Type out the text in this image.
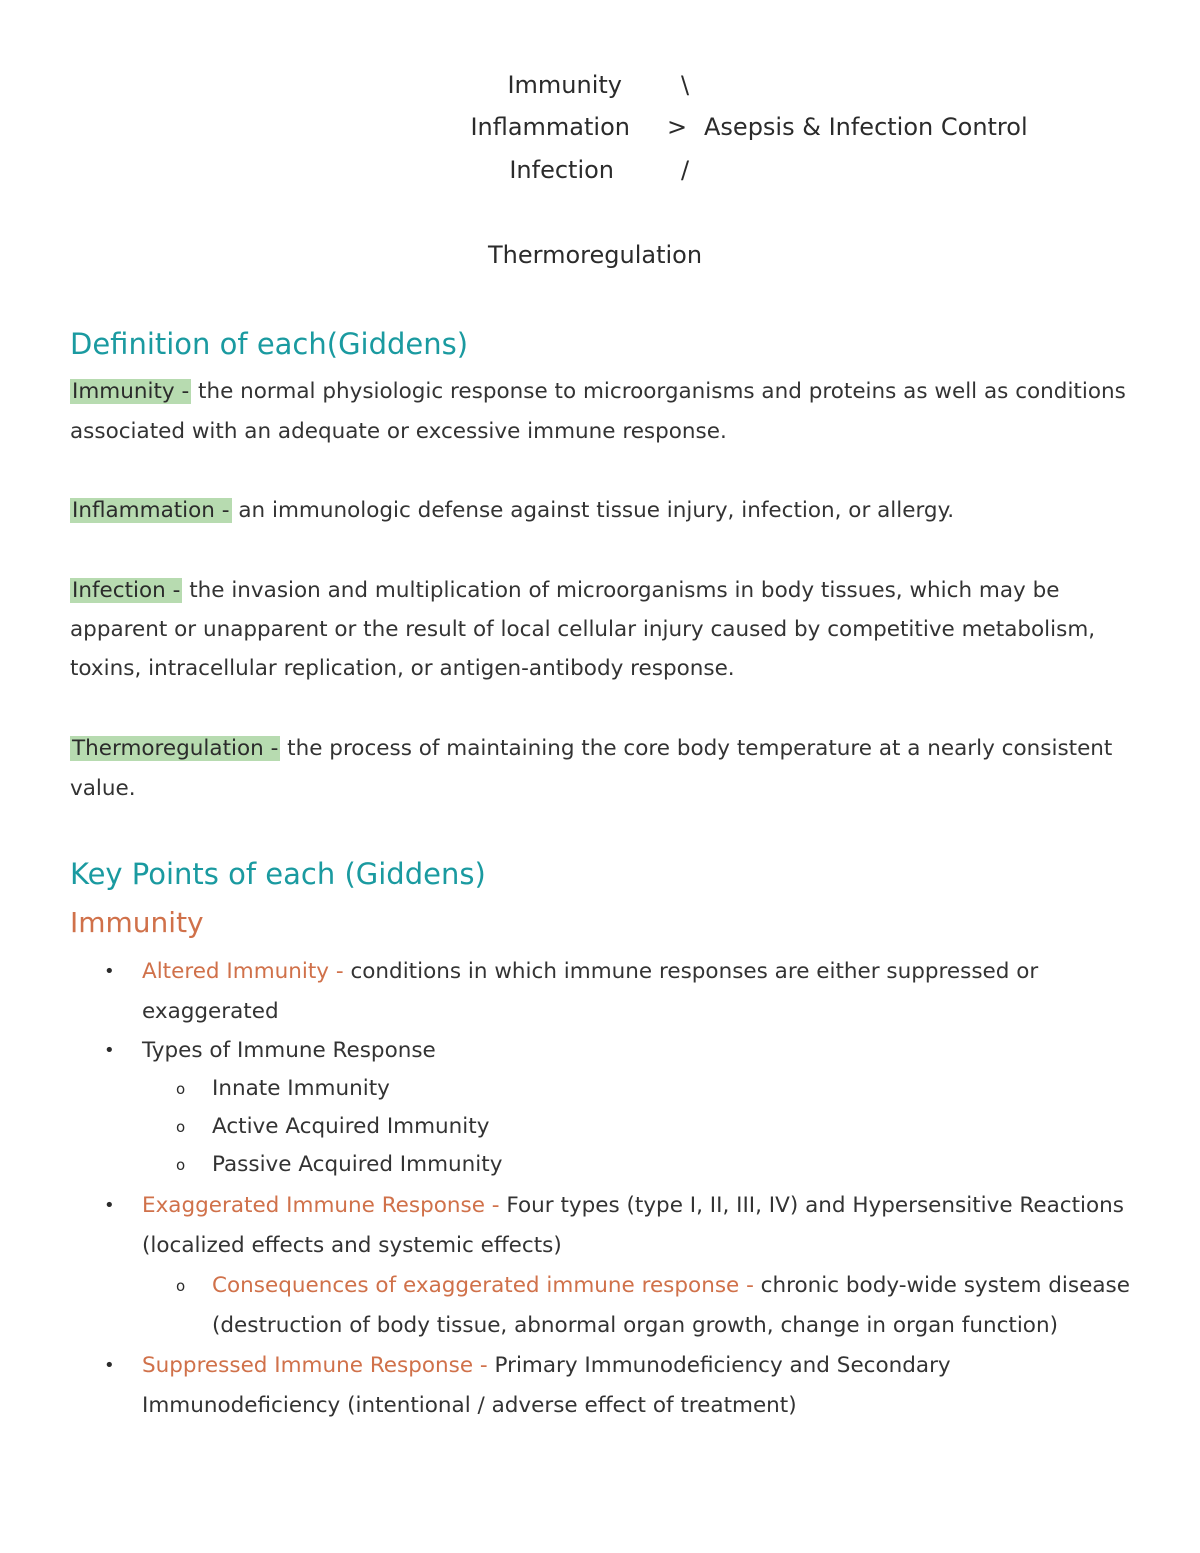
Immunity	\
Inflammation > Asepsis & Infection Control
Infection	/
Thermoregulation
Definition of each(Giddens)

Immunity - the normal physiologic response to microorganisms and proteins as well as conditions associated with an adequate or excessive immune response.

Inflammation - an immunologic defense against tissue injury, infection, or allergy.

Infection - the invasion and multiplication of microorganisms in body tissues, which may be apparent or unapparent or the result of local cellular injury caused by competitive metabolism, toxins, intracellular replication, or antigen-antibody response.

Thermoregulation - the process of maintaining the core body temperature at a nearly consistent value.

Key Points of each (Giddens)
Immunity
• Altered Immunity - conditions in which immune responses are either suppressed or exaggerated
• Types of Immune Response
o Innate Immunity
o Active Acquired Immunity
o Passive Acquired Immunity
• Exaggerated Immune Response - Four types (type I, II, III, IV) and Hypersensitive Reactions (localized effects and systemic effects)
o Consequences of exaggerated immune response - chronic body-wide system disease (destruction of body tissue, abnormal organ growth, change in organ function)
• Suppressed Immune Response - Primary Immunodeficiency and Secondary Immunodeficiency (intentional / adverse effect of treatment)
